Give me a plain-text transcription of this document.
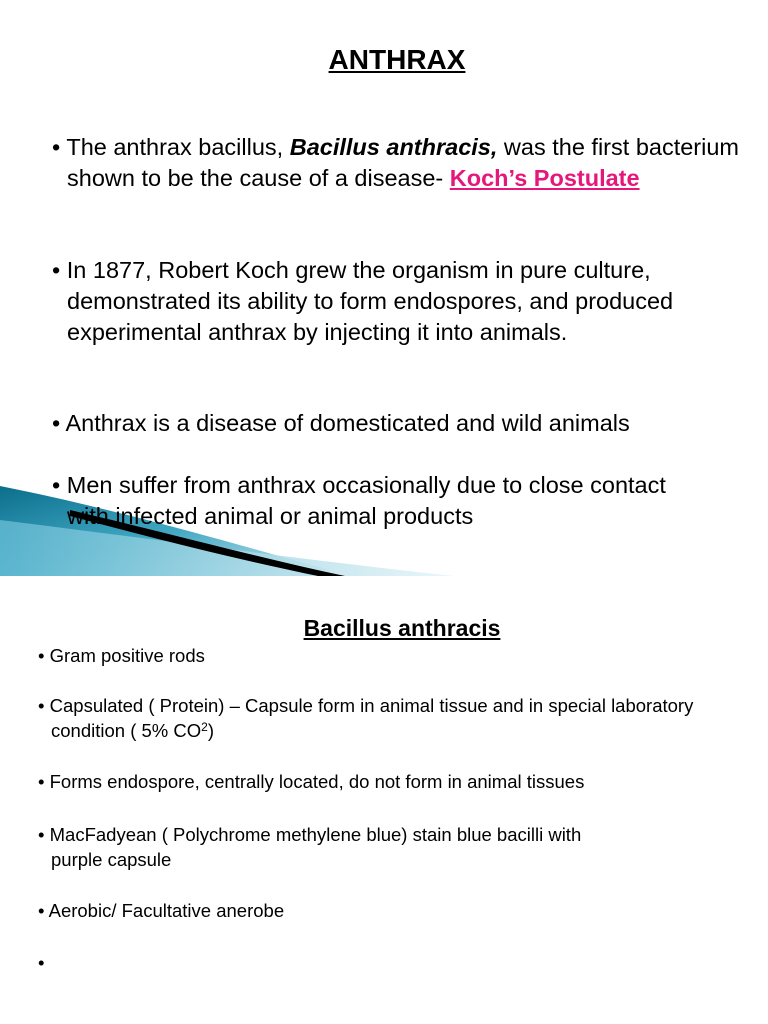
ANTHRAX

• The anthrax bacillus, Bacillus anthracis, was the first bacterium shown to be the cause of a disease- Koch’s Postulate

• In 1877, Robert Koch grew the organism in pure culture, demonstrated its ability to form endospores, and produced experimental anthrax by injecting it into animals.

• Anthrax is a disease of domesticated and wild animals

• Men suffer from anthrax occasionally due to close contact with infected animal or animal products

Bacillus anthracis

• Gram positive rods

• Capsulated ( Protein) – Capsule form in animal tissue and in special laboratory condition ( 5% $CO^2$)

• Forms endospore, centrally located, do not form in animal tissues

• MacFadyean ( Polychrome methylene blue) stain blue bacilli with     purple capsule

• Aerobic/ Facultative anerobe

•
